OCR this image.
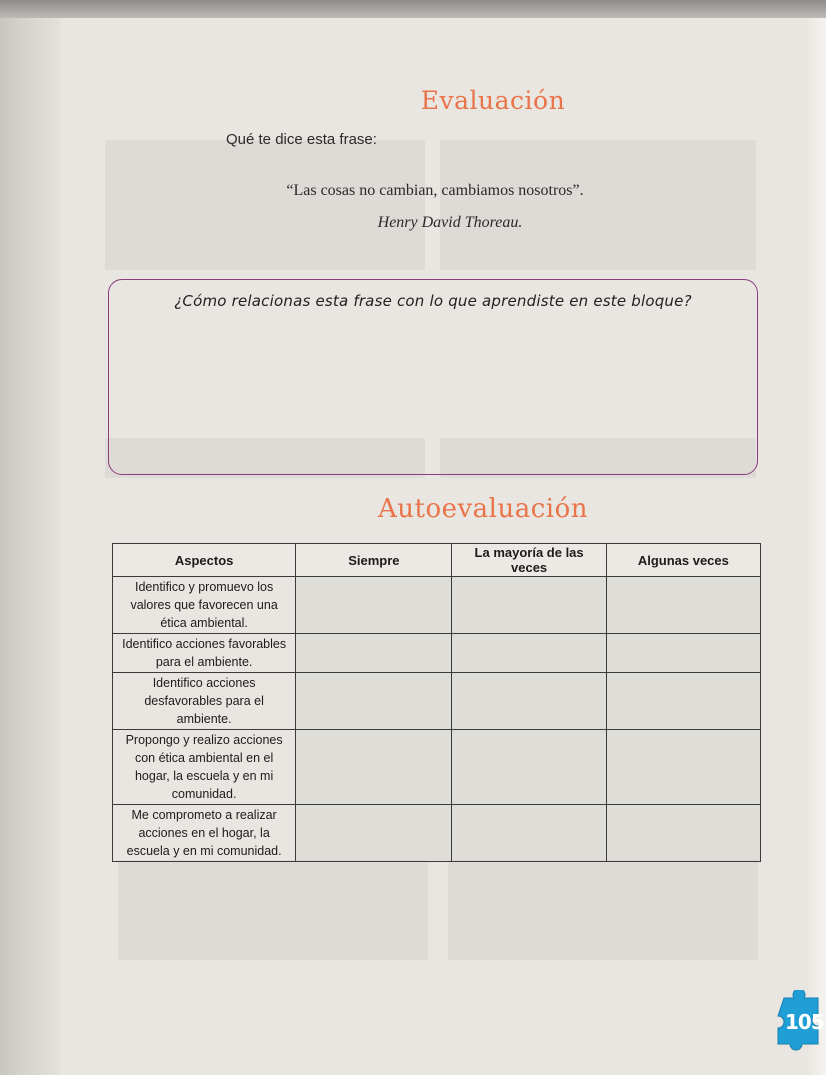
Evaluación
Qué te dice esta frase:
“Las cosas no cambian, cambiamos nosotros”.
Henry David Thoreau.
¿Cómo relacionas esta frase con lo que aprendiste en este bloque?
Autoevaluación
Aspectos	Siempre	La mayoría de las veces	Algunas veces
Identifico y promuevo los valores que favorecen una ética ambiental.			
Identifico acciones favorables para el ambiente.			
Identifico acciones desfavorables para el ambiente.			
Propongo y realizo acciones con ética ambiental en el hogar, la escuela y en mi comunidad.			
Me comprometo a realizar acciones en el hogar, la escuela y en mi comunidad.			
105
